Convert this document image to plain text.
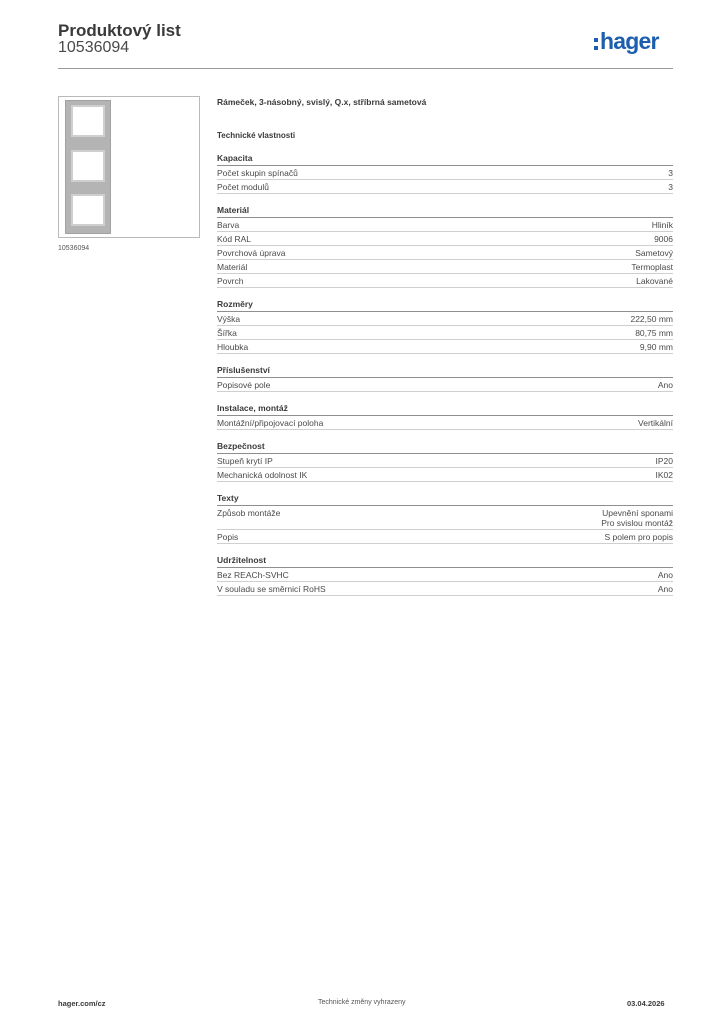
Produktový list
10536094	hager
10536094
Rámeček, 3-násobný, svislý, Q.x, stříbrná sametová
Technické vlastnosti
Kapacita
Počet skupin spínačů	3
Počet modulů	3
Materiál
Barva	Hliník
Kód RAL	9006
Povrchová úprava	Sametový
Materiál	Termoplast
Povrch	Lakované
Rozměry
Výška	222,50 mm
Šířka	80,75 mm
Hloubka	9,90 mm
Příslušenství
Popisové pole	Ano
Instalace, montáž
Montážní/připojovací poloha	Vertikální
Bezpečnost
Stupeň krytí IP	IP20
Mechanická odolnost IK	IK02
Texty
Způsob montáže	Upevnění sponami
Pro svislou montáž
Popis	S polem pro popis
Udržitelnost
Bez REACh-SVHC	Ano
V souladu se směrnicí RoHS	Ano
hager.com/cz	Technické změny vyhrazeny	03.04.2026
